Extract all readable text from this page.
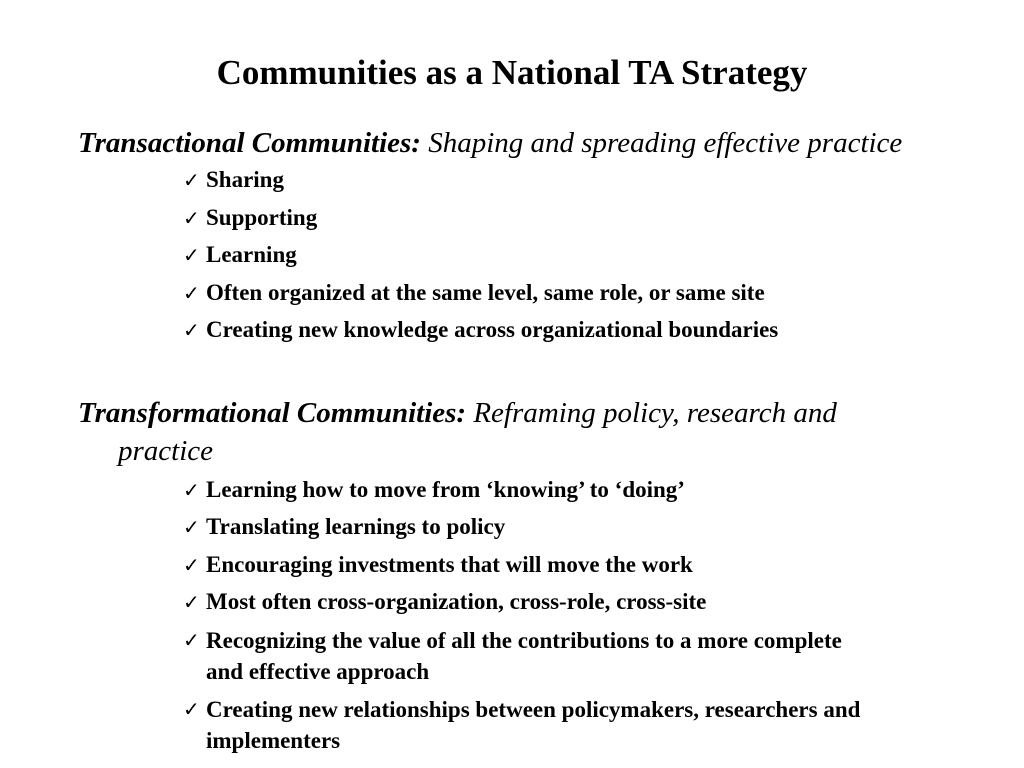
Communities as a National TA Strategy
Transactional Communities: Shaping and spreading effective practice
✓ Sharing
✓ Supporting
✓ Learning
✓ Often organized at the same level, same role, or same site
✓ Creating new knowledge across organizational boundaries
Transformational Communities: Reframing policy, research and practice
✓ Learning how to move from ‘knowing’ to ‘doing’
✓ Translating learnings to policy
✓ Encouraging investments that will move the work
✓ Most often cross-organization, cross-role, cross-site
✓ Recognizing the value of all the contributions to a more complete and effective approach
✓ Creating new relationships between policymakers, researchers and implementers
